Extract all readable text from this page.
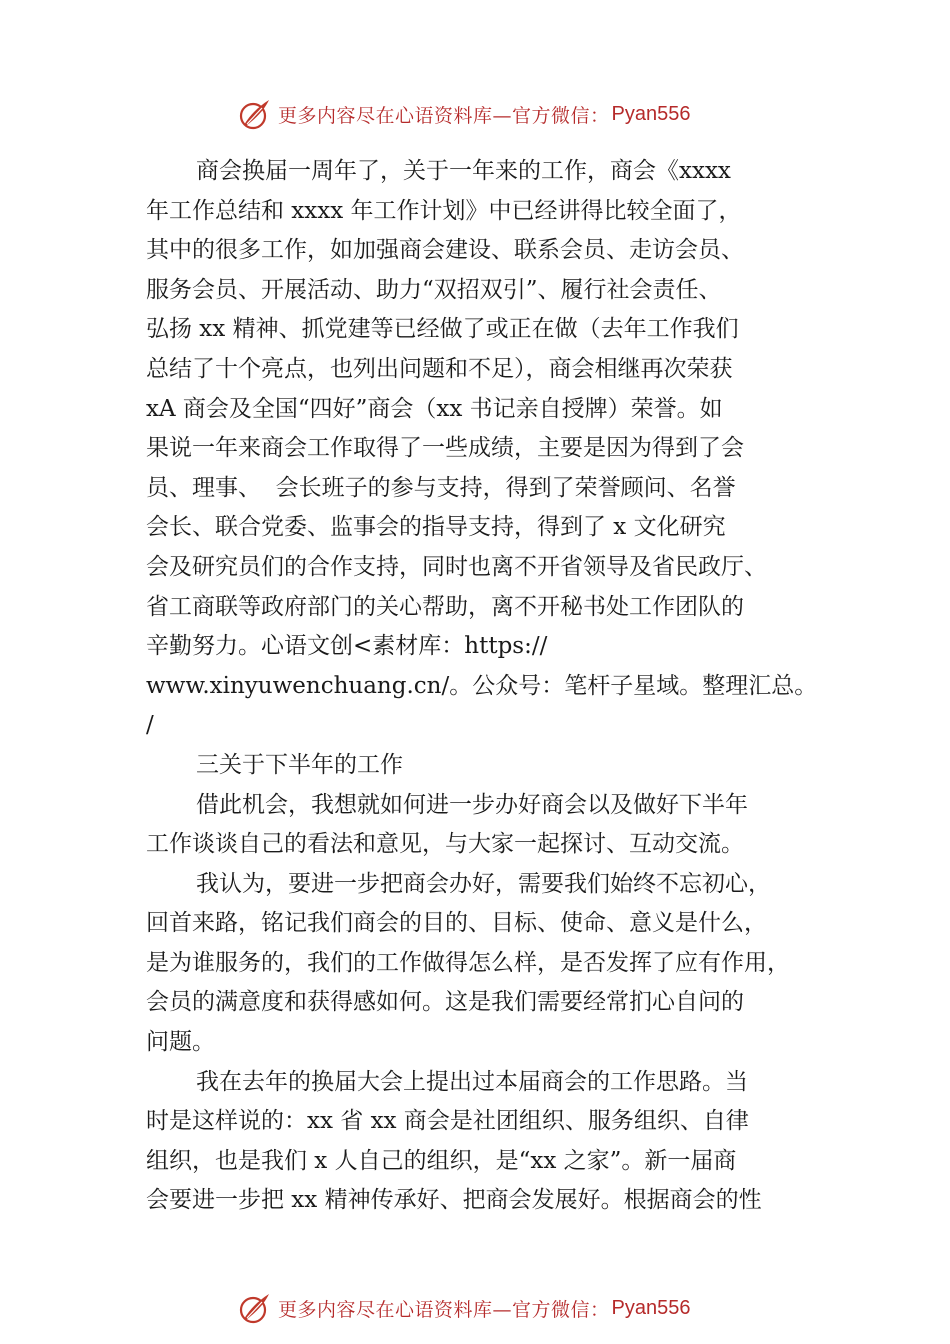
更多内容尽在心语资料库—官方微信： Pyan556
商会换届一周年了，关于一年来的工作，商会《xxxx
年工作总结和 xxxx 年工作计划》中已经讲得比较全面了，
其中的很多工作，如加强商会建设、联系会员、走访会员、
服务会员、开展活动、助力“双招双引”、履行社会责任、
弘扬 xx 精神、抓党建等已经做了或正在做（去年工作我们
总结了十个亮点，也列出问题和不足），商会相继再次荣获
xA 商会及全国“四好”商会（xx 书记亲自授牌）荣誉。如
果说一年来商会工作取得了一些成绩，主要是因为得到了会
员、理事、  会长班子的参与支持，得到了荣誉顾问、名誉
会长、联合党委、监事会的指导支持，得到了 x 文化研究
会及研究员们的合作支持，同时也离不开省领导及省民政厅、
省工商联等政府部门的关心帮助，离不开秘书处工作团队的
辛勤努力。心语文创<素材库：https://
www.xinyuwenchuang.cn/。公众号：笔杆子星域。整理汇总。
/
三关于下半年的工作
借此机会，我想就如何进一步办好商会以及做好下半年
工作谈谈自己的看法和意见，与大家一起探讨、互动交流。
我认为，要进一步把商会办好，需要我们始终不忘初心，
回首来路，铭记我们商会的目的、目标、使命、意义是什么，
是为谁服务的，我们的工作做得怎么样，是否发挥了应有作用，
会员的满意度和获得感如何。这是我们需要经常扪心自问的
问题。
我在去年的换届大会上提出过本届商会的工作思路。当
时是这样说的：xx 省 xx 商会是社团组织、服务组织、自律
组织，也是我们 x 人自己的组织，是“xx 之家”。新一届商
会要进一步把 xx 精神传承好、把商会发展好。根据商会的性
更多内容尽在心语资料库—官方微信： Pyan556
